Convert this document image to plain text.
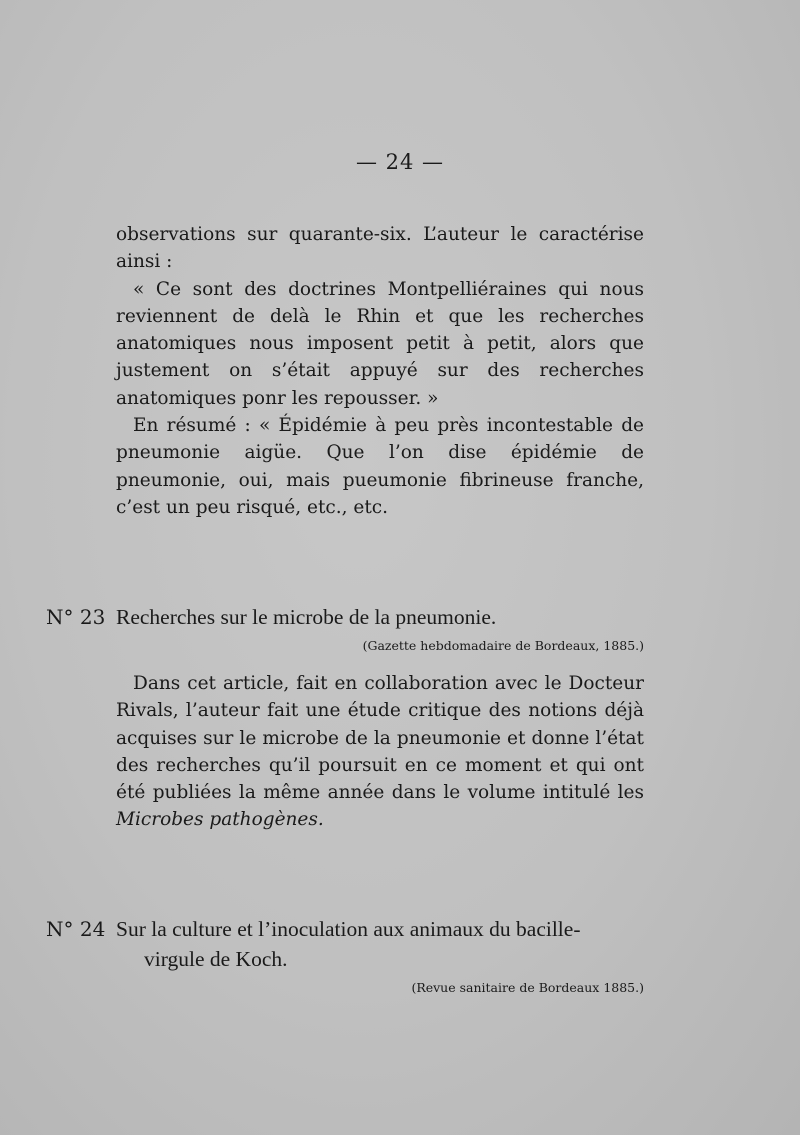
— 24 —

observations sur quarante-six. L’auteur le caractérise ainsi :

« Ce sont des doctrines Montpelliéraines qui nous reviennent de delà le Rhin et que les recherches anatomiques nous imposent petit à petit, alors que justement on s’était appuyé sur des recherches anatomiques ponr les repousser. »

En résumé : « Épidémie à peu près incontestable de pneumonie aigüe. Que l’on dise épidémie de pneumonie, oui, mais pueumonie fibrineuse franche, c’est un peu risqué, etc., etc.

N° 23 Recherches sur le microbe de la pneumonie.
(Gazette hebdomadaire de Bordeaux, 1885.)

Dans cet article, fait en collaboration avec le Docteur Rivals, l’auteur fait une étude critique des notions déjà acquises sur le microbe de la pneumonie et donne l’état des recherches qu’il poursuit en ce moment et qui ont été publiées la même année dans le volume intitulé les Microbes pathogènes.

N° 24 Sur la culture et l’inoculation aux animaux du bacille-
virgule de Koch.
(Revue sanitaire de Bordeaux 1885.)
